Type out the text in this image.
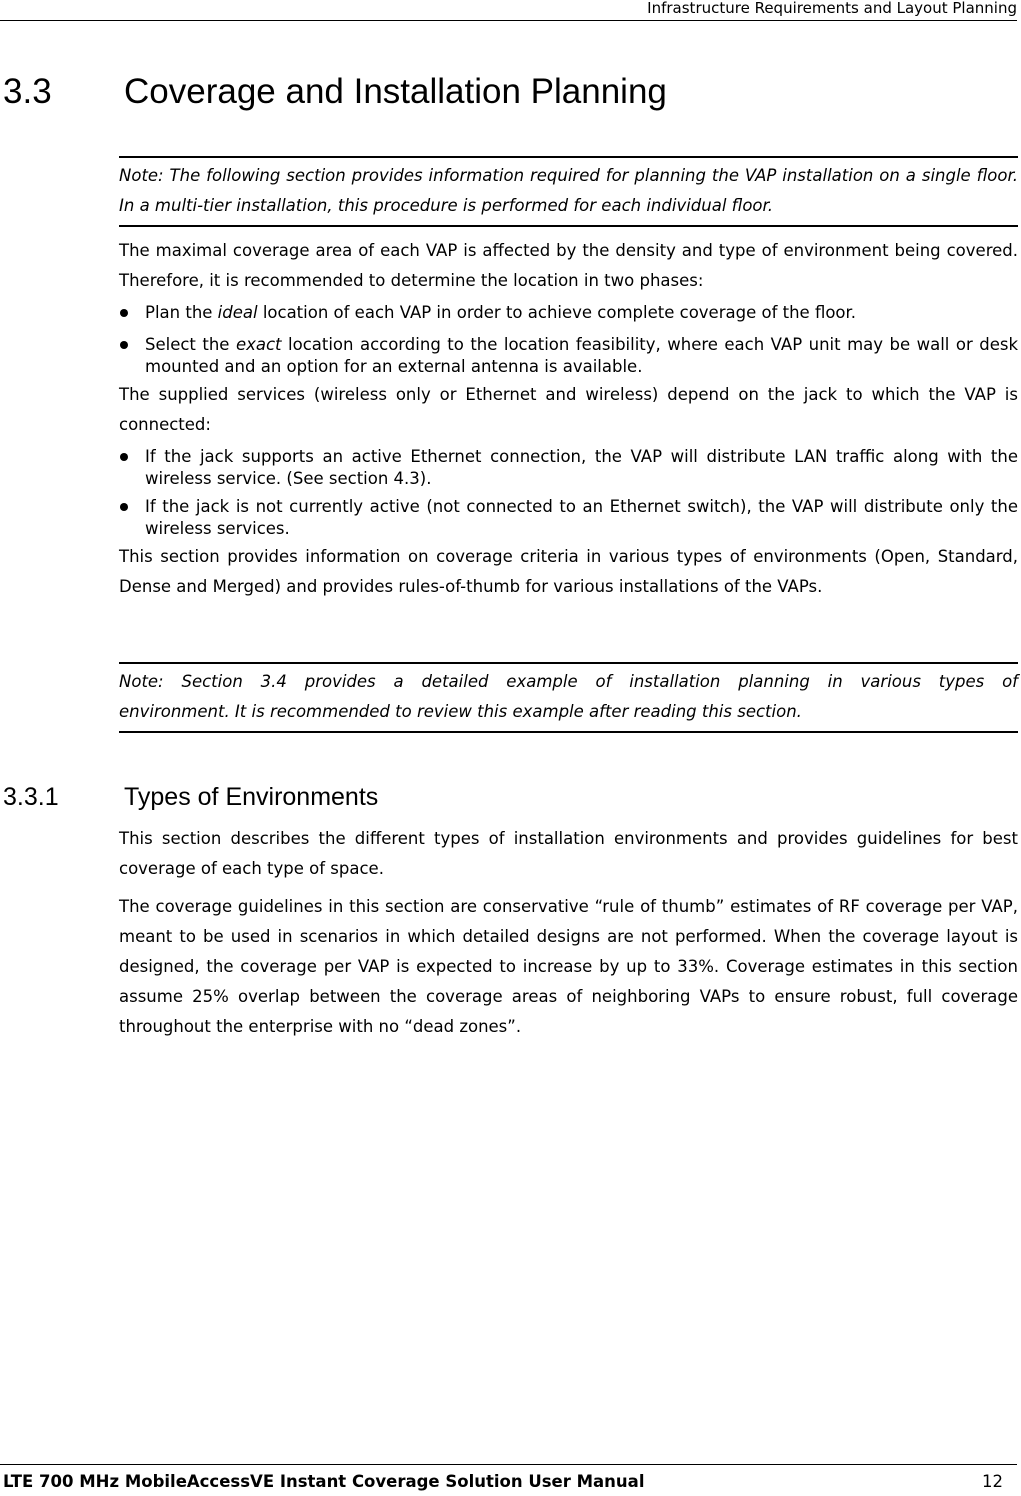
Infrastructure Requirements and Layout Planning
3.3 Coverage and Installation Planning
Note: The following section provides information required for planning the VAP installation on a single floor. In a multi-tier installation, this procedure is performed for each individual floor.

The maximal coverage area of each VAP is affected by the density and type of environment being covered. Therefore, it is recommended to determine the location in two phases:

Plan the ideal location of each VAP in order to achieve complete coverage of the floor.
Select the exact location according to the location feasibility, where each VAP unit may be wall or desk mounted and an option for an external antenna is available.

The supplied services (wireless only or Ethernet and wireless) depend on the jack to which the VAP is connected:

If the jack supports an active Ethernet connection, the VAP will distribute LAN traffic along with the wireless service. (See section 4.3).
If the jack is not currently active (not connected to an Ethernet switch), the VAP will distribute only the wireless services.

This section provides information on coverage criteria in various types of environments (Open, Standard, Dense and Merged) and provides rules-of-thumb for various installations of the VAPs.

Note: Section 3.4 provides a detailed example of installation planning in various types of
environment. It is recommended to review this example after reading this section.
3.3.1	Types of Environments

This section describes the different types of installation environments and provides guidelines for best coverage of each type of space.

The coverage guidelines in this section are conservative “rule of thumb” estimates of RF coverage per VAP, meant to be used in scenarios in which detailed designs are not performed. When the coverage layout is designed, the coverage per VAP is expected to increase by up to 33%. Coverage estimates in this section assume 25% overlap between the coverage areas of neighboring VAPs to ensure robust, full coverage throughout the enterprise with no “dead zones”.

LTE 700 MHz MobileAccessVE Instant Coverage Solution User Manual	12
